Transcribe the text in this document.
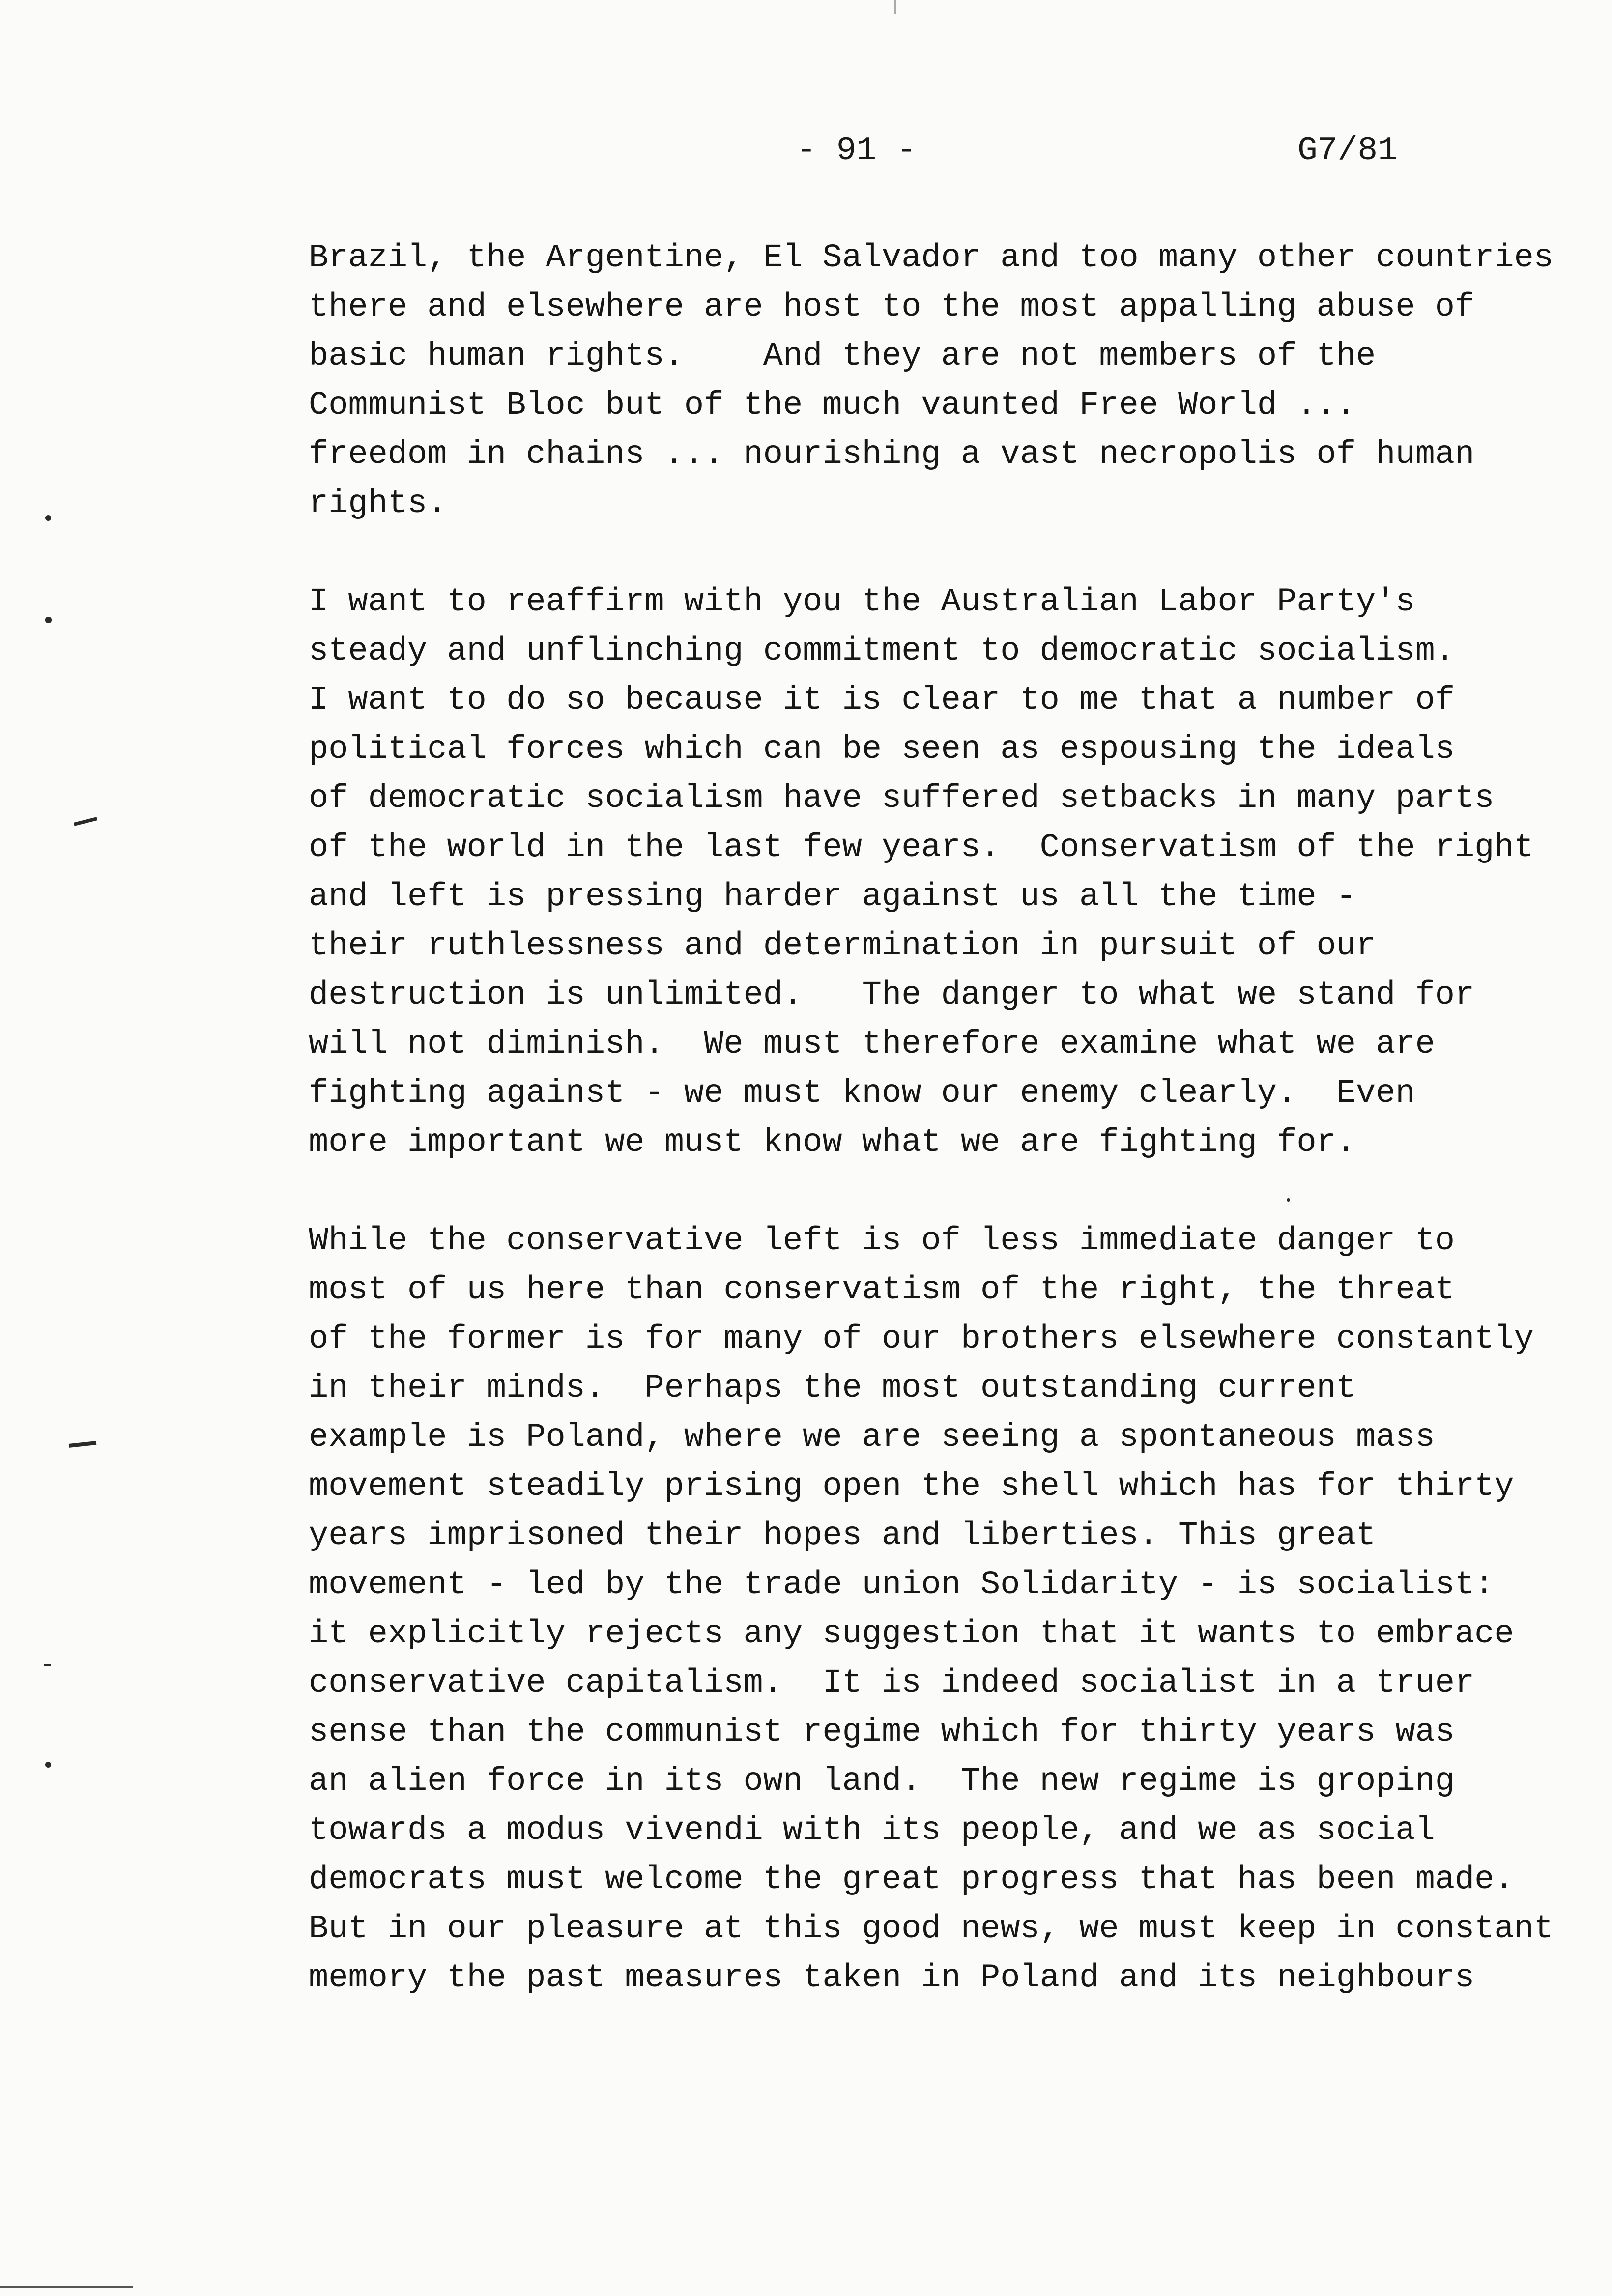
- 91 -	G7/81
Brazil, the Argentine, El Salvador and too many other countries
there and elsewhere are host to the most appalling abuse of
basic human rights.    And they are not members of the
Communist Bloc but of the much vaunted Free World ...
freedom in chains ... nourishing a vast necropolis of human
rights.
I want to reaffirm with you the Australian Labor Party's
steady and unflinching commitment to democratic socialism.
I want to do so because it is clear to me that a number of
political forces which can be seen as espousing the ideals
of democratic socialism have suffered setbacks in many parts
of the world in the last few years.  Conservatism of the right
and left is pressing harder against us all the time -
their ruthlessness and determination in pursuit of our
destruction is unlimited.   The danger to what we stand for
will not diminish.  We must therefore examine what we are
fighting against - we must know our enemy clearly.  Even
more important we must know what we are fighting for.
While the conservative left is of less immediate danger to
most of us here than conservatism of the right, the threat
of the former is for many of our brothers elsewhere constantly
in their minds.  Perhaps the most outstanding current
example is Poland, where we are seeing a spontaneous mass
movement steadily prising open the shell which has for thirty
years imprisoned their hopes and liberties. This great
movement - led by the trade union Solidarity - is socialist:
it explicitly rejects any suggestion that it wants to embrace
conservative capitalism.  It is indeed socialist in a truer
sense than the communist regime which for thirty years was
an alien force in its own land.  The new regime is groping
towards a modus vivendi with its people, and we as social
democrats must welcome the great progress that has been made.
But in our pleasure at this good news, we must keep in constant
memory the past measures taken in Poland and its neighbours
